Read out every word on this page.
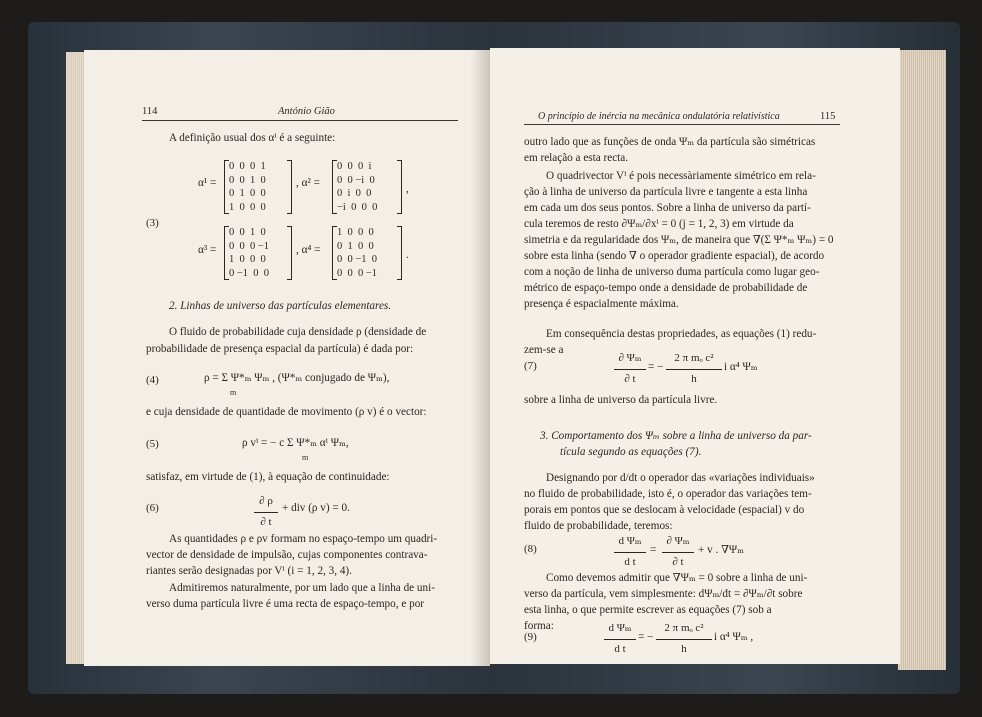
114	António Gião
A definição usual dos αⁱ é a seguinte:
(3)
α¹ =
0  0  0  1
0  0  1  0
0  1  0  0
1  0  0  0
, α² =
0  0  0  i
0  0 −i  0
0  i  0  0
−i  0  0  0
,
α³ =
0  0  1  0
0  0  0 −1
1  0  0  0
0 −1  0  0
, α⁴ =
1  0  0  0
0  1  0  0
0  0 −1  0
0  0  0 −1
.
2. Linhas de universo das partículas elementares.
O fluido de probabilidade cuja densidade ρ (densidade de
probabilidade de presença espacial da partícula) é dada por:
(4)	ρ = Σ Ψ*ₘ Ψₘ , (Ψ*ₘ conjugado de Ψₘ),
m
e cuja densidade de quantidade de movimento (ρ v) é o vector:
(5)	ρ vⁱ = − c Σ Ψ*ₘ αⁱ Ψₘ,
m
satisfaz, em virtude de (1), à equação de continuidade:
(6)
∂ ρ
∂ t
+ div (ρ v) = 0.
As quantidades ρ e ρv formam no espaço-tempo um quadri-
vector de densidade de impulsão, cujas componentes contrava-
riantes serão designadas por Vⁱ (i = 1, 2, 3, 4).
Admitiremos naturalmente, por um lado que a linha de uni-
verso duma partícula livre é uma recta de espaço-tempo, e por
O princípio de inércia na mecânica ondulatória relativística	115
outro lado que as funções de onda Ψₘ da partícula são simétricas
em relação a esta recta.
O quadrivector Vⁱ é pois necessàriamente simétrico em rela-
ção à linha de universo da partícula livre e tangente a esta linha
em cada um dos seus pontos. Sobre a linha de universo da partí-
cula teremos de resto ∂Ψₘ/∂xⁱ = 0 (j = 1, 2, 3) em virtude da
simetria e da regularidade dos Ψₘ, de maneira que ∇(Σ Ψ*ₘ Ψₘ) = 0
sobre esta linha (sendo ∇ o operador gradiente espacial), de acordo
com a noção de linha de universo duma partícula como lugar geo-
métrico de espaço-tempo onde a densidade de probabilidade de
presença é espacialmente máxima.
Em consequência destas propriedades, as equações (1) redu-
zem-se a
(7)
∂ Ψₘ
∂ t
= −
2 π mₒ c²
h
i α⁴ Ψₘ
sobre a linha de universo da partícula livre.
3. Comportamento dos Ψₘ sobre a linha de universo da par-
tícula segundo as equações (7).
Designando por d/dt o operador das «variações individuais»
no fluido de probabilidade, isto é, o operador das variações tem-
porais em pontos que se deslocam à velocidade (espacial) v do
fluido de probabilidade, teremos:
(8)
d Ψₘ
d t
=
∂ Ψₘ
∂ t
+ v . ∇Ψₘ
Como devemos admitir que ∇Ψₘ = 0 sobre a linha de uni-
verso da partícula, vem simplesmente: dΨₘ/dt = ∂Ψₘ/∂t sobre
esta linha, o que permite escrever as equações (7) sob a
forma:
(9)
d Ψₘ
d t
= −
2 π mₒ c²
h
i α⁴ Ψₘ ,
